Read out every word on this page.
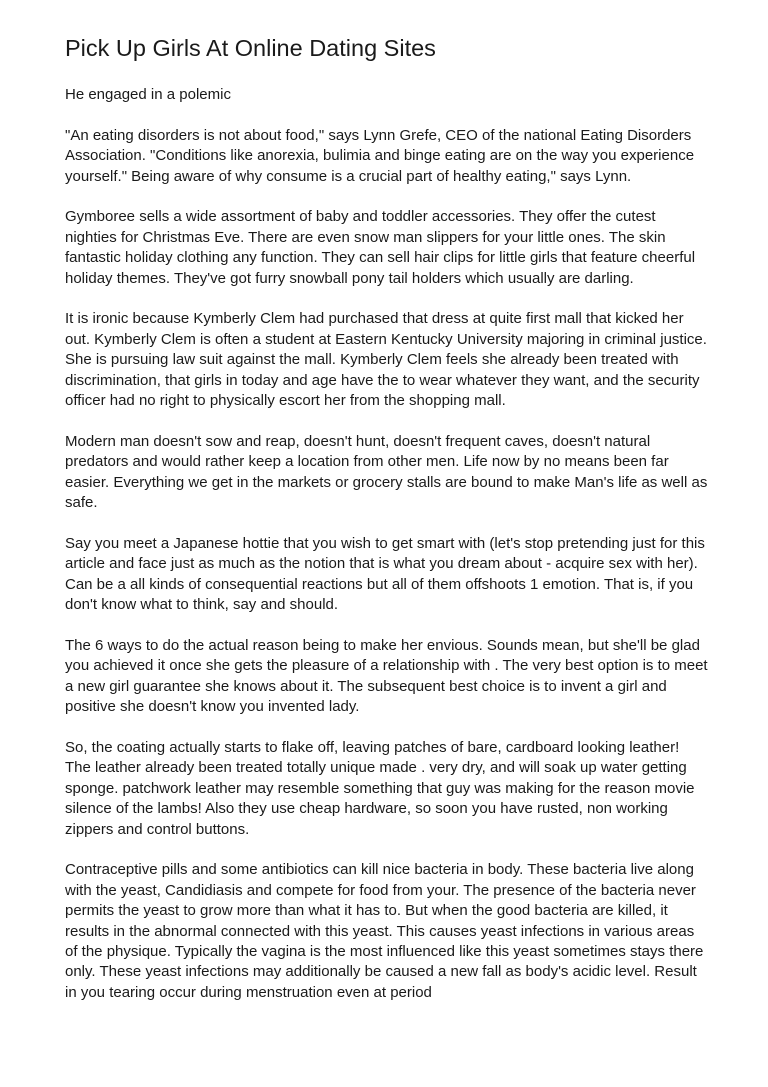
Pick Up Girls At Online Dating Sites

He engaged in a polemic

"An eating disorders is not about food," says Lynn Grefe, CEO of the national Eating Disorders Association. "Conditions like anorexia, bulimia and binge eating are on the way you experience yourself." Being aware of why consume is a crucial part of healthy eating," says Lynn.

Gymboree sells a wide assortment of baby and toddler accessories. They offer the cutest nighties for Christmas Eve. There are even snow man slippers for your little ones. The skin fantastic holiday clothing any function. They can sell hair clips for little girls that feature cheerful holiday themes. They've got furry snowball pony tail holders which usually are darling.

It is ironic because Kymberly Clem had purchased that dress at quite first mall that kicked her out. Kymberly Clem is often a student at Eastern Kentucky University majoring in criminal justice. She is pursuing law suit against the mall. Kymberly Clem feels she already been treated with discrimination, that girls in today and age have the to wear whatever they want, and the security officer had no right to physically escort her from the shopping mall.

Modern man doesn't sow and reap, doesn't hunt, doesn't frequent caves, doesn't natural predators and would rather keep a location from other men. Life now by no means been far easier. Everything we get in the markets or grocery stalls are bound to make Man's life as well as safe.

Say you meet a Japanese hottie that you wish to get smart with (let's stop pretending just for this article and face just as much as the notion that is what you dream about - acquire sex with her). Can be a all kinds of consequential reactions but all of them offshoots 1 emotion. That is, if you don't know what to think, say and should.

The 6 ways to do the actual reason being to make her envious. Sounds mean, but she'll be glad you achieved it once she gets the pleasure of a relationship with . The very best option is to meet a new girl guarantee she knows about it. The subsequent best choice is to invent a girl and positive she doesn't know you invented lady.

So, the coating actually starts to flake off, leaving patches of bare, cardboard looking leather! The leather already been treated totally unique made . very dry, and will soak up water getting sponge. patchwork leather may resemble something that guy was making for the reason movie silence of the lambs! Also they use cheap hardware, so soon you have rusted, non working zippers and control buttons.

Contraceptive pills and some antibiotics can kill nice bacteria in body. These bacteria live along with the yeast, Candidiasis and compete for food from your. The presence of the bacteria never permits the yeast to grow more than what it has to. But when the good bacteria are killed, it results in the abnormal connected with this yeast. This causes yeast infections in various areas of the physique. Typically the vagina is the most influenced like this yeast sometimes stays there only. These yeast infections may additionally be caused a new fall as body's acidic level. Result in you tearing occur during menstruation even at period
